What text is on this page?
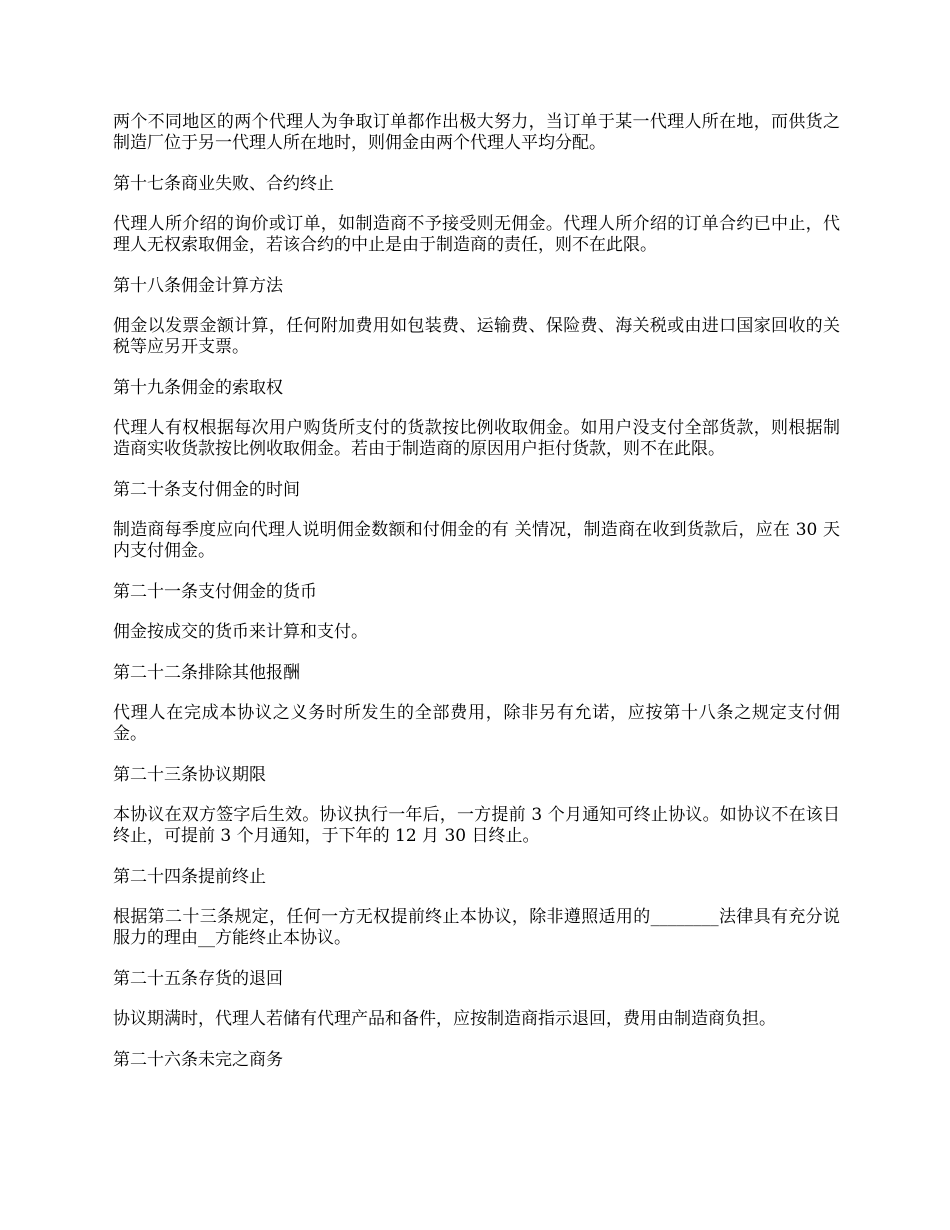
两个不同地区的两个代理人为争取订单都作出极大努力，当订单于某一代理人所在地，而供货之制造厂位于另一代理人所在地时，则佣金由两个代理人平均分配。

第十七条商业失败、合约终止

代理人所介绍的询价或订单，如制造商不予接受则无佣金。代理人所介绍的订单合约已中止，代理人无权索取佣金，若该合约的中止是由于制造商的责任，则不在此限。

第十八条佣金计算方法

佣金以发票金额计算，任何附加费用如包装费、运输费、保险费、海关税或由进口国家回收的关税等应另开支票。

第十九条佣金的索取权

代理人有权根据每次用户购货所支付的货款按比例收取佣金。如用户没支付全部货款，则根据制造商实收货款按比例收取佣金。若由于制造商的原因用户拒付货款，则不在此限。

第二十条支付佣金的时间

制造商每季度应向代理人说明佣金数额和付佣金的有 关情况，制造商在收到货款后，应在 30 天内支付佣金。

第二十一条支付佣金的货币

佣金按成交的货币来计算和支付。

第二十二条排除其他报酬

代理人在完成本协议之义务时所发生的全部费用，除非另有允诺，应按第十八条之规定支付佣金。

第二十三条协议期限

本协议在双方签字后生效。协议执行一年后，一方提前 3 个月通知可终止协议。如协议不在该日终止，可提前 3 个月通知，于下年的 12 月 30 日终止。

第二十四条提前终止

根据第二十三条规定，任何一方无权提前终止本协议，除非遵照适用的________法律具有充分说服力的理由__方能终止本协议。

第二十五条存货的退回

协议期满时，代理人若储有代理产品和备件，应按制造商指示退回，费用由制造商负担。

第二十六条未完之商务
